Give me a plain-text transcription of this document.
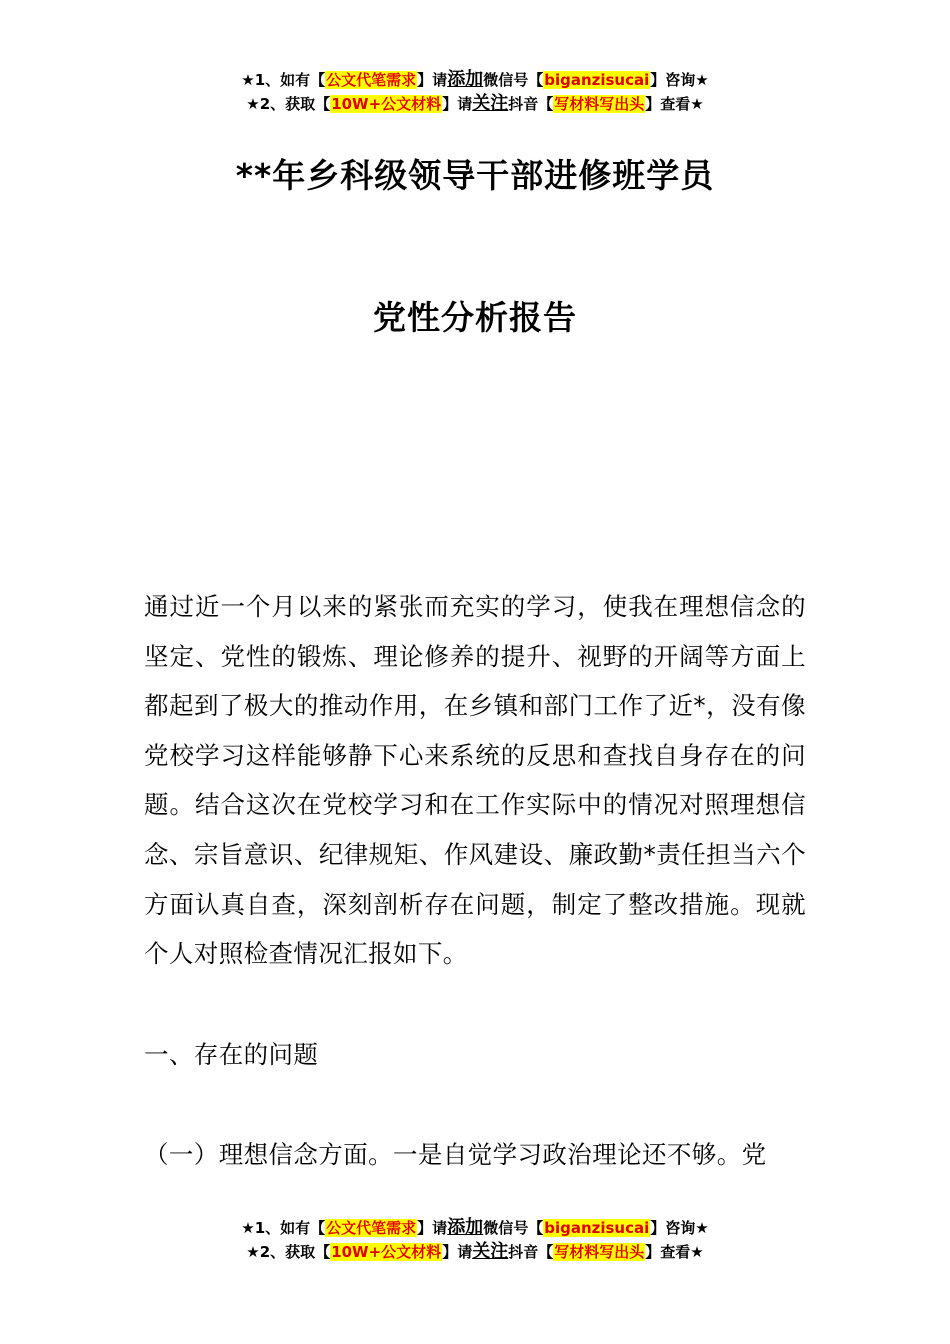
★1、如有【公文代笔需求】请添加微信号【biganzisucai】咨询★
★2、获取【10W+公文材料】请关注抖音【写材料写出头】查看★
**年乡科级领导干部进修班学员
党性分析报告
通过近一个月以来的紧张而充实的学习，使我在理想信念的坚定、党性的锻炼、理论修养的提升、视野的开阔等方面上都起到了极大的推动作用，在乡镇和部门工作了近*，没有像党校学习这样能够静下心来系统的反思和查找自身存在的问题。结合这次在党校学习和在工作实际中的情况对照理想信念、宗旨意识、纪律规矩、作风建设、廉政勤*责任担当六个方面认真自查，深刻剖析存在问题，制定了整改措施。现就个人对照检查情况汇报如下。
一、存在的问题
（一）理想信念方面。一是自觉学习政治理论还不够。党
★1、如有【公文代笔需求】请添加微信号【biganzisucai】咨询★
★2、获取【10W+公文材料】请关注抖音【写材料写出头】查看★
